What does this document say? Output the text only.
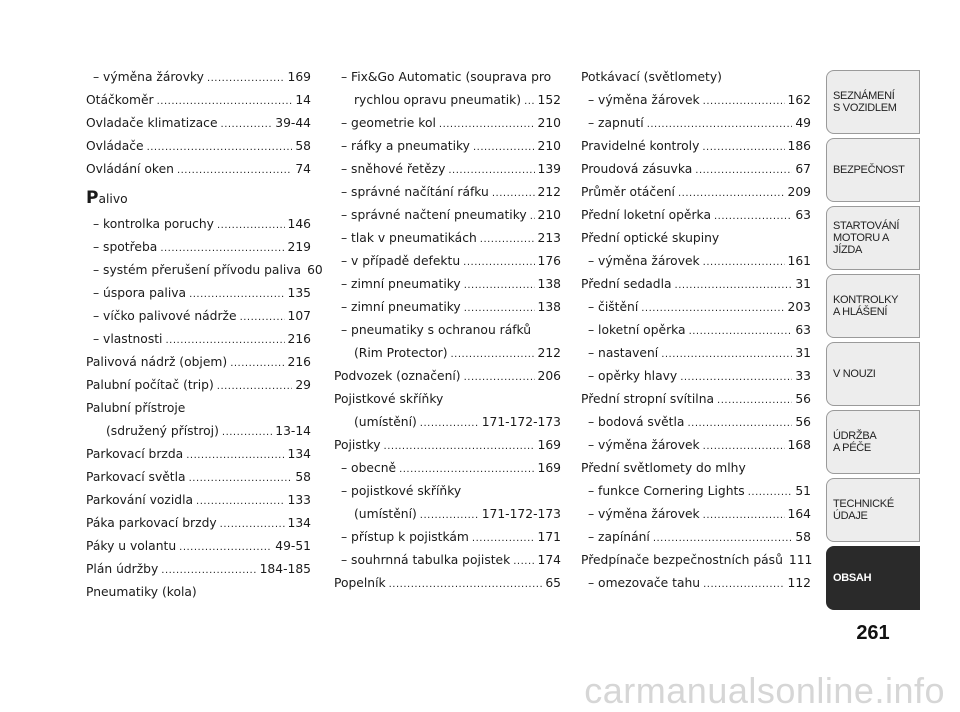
– výměna žárovky .....	169
Otáčkoměr .....	14
Ovladače klimatizace .....	39-44
Ovládače .....	58
Ovládání oken .....	74
Palivo
– kontrolka poruchy .....	146
– spotřeba .....	219
– systém přerušení přívodu paliva 60
– úspora paliva .....	135
– víčko palivové nádrže .....	107
– vlastnosti .....	216
Palivová nádrž (objem) .....	216
Palubní počítač (trip) .....	29
Palubní přístroje
(sdružený přístroj) .....	13-14
Parkovací brzda .....	134
Parkovací světla .....	58
Parkování vozidla .....	133
Páka parkovací brzdy .....	134
Páky u volantu .....	49-51
Plán údržby .....	184-185
Pneumatiky (kola)
– Fix&Go Automatic (souprava pro
rychlou opravu pneumatik) ..... 152
– geometrie kol .....	210
– ráfky a pneumatiky .....	210
– sněhové řetězy .....	139
– správné načítání ráfku .....	212
– správné načtení pneumatiky ..... 210
– tlak v pneumatikách .....	213
– v případě defektu .....	176
– zimní pneumatiky .....	138
– zimní pneumatiky .....	138
– pneumatiky s ochranou ráfků
(Rim Protector) .....	212
Podvozek (označení) .....	206
Pojistkové skříňky
(umístění) .....	171-172-173
Pojistky .....	169
– obecně .....	169
– pojistkové skříňky
(umístění) .....	171-172-173
– přístup k pojistkám .....	171
– souhrnná tabulka pojistek ..... 174
Popelník .....	65
Potkávací (světlomety)
– výměna žárovek .....	162
– zapnutí .....	49
Pravidelné kontroly .....	186
Proudová zásuvka .....	67
Průměr otáčení .....	209
Přední loketní opěrka .....	63
Přední optické skupiny
– výměna žárovek .....	161
Přední sedadla .....	31
– čištění .....	203
– loketní opěrka .....	63
– nastavení .....	31
– opěrky hlavy .....	33
Přední stropní svítilna .....	56
– bodová světla .....	56
– výměna žárovek .....	168
Přední světlomety do mlhy
– funkce Cornering Lights .....	51
– výměna žárovek .....	164
– zapínání .....	58
Předpínače bezpečnostních pásů 111
– omezovače tahu .....	112
SEZNÁMENÍ
S VOZIDLEM
BEZPEČNOST
STARTOVÁNÍ
MOTORU A JÍZDA
KONTROLKY
A HLÁŠENÍ
V NOUZI
ÚDRŽBA
A PÉČE
TECHNICKÉ
ÚDAJE
OBSAH
261
carmanualsonline.info
